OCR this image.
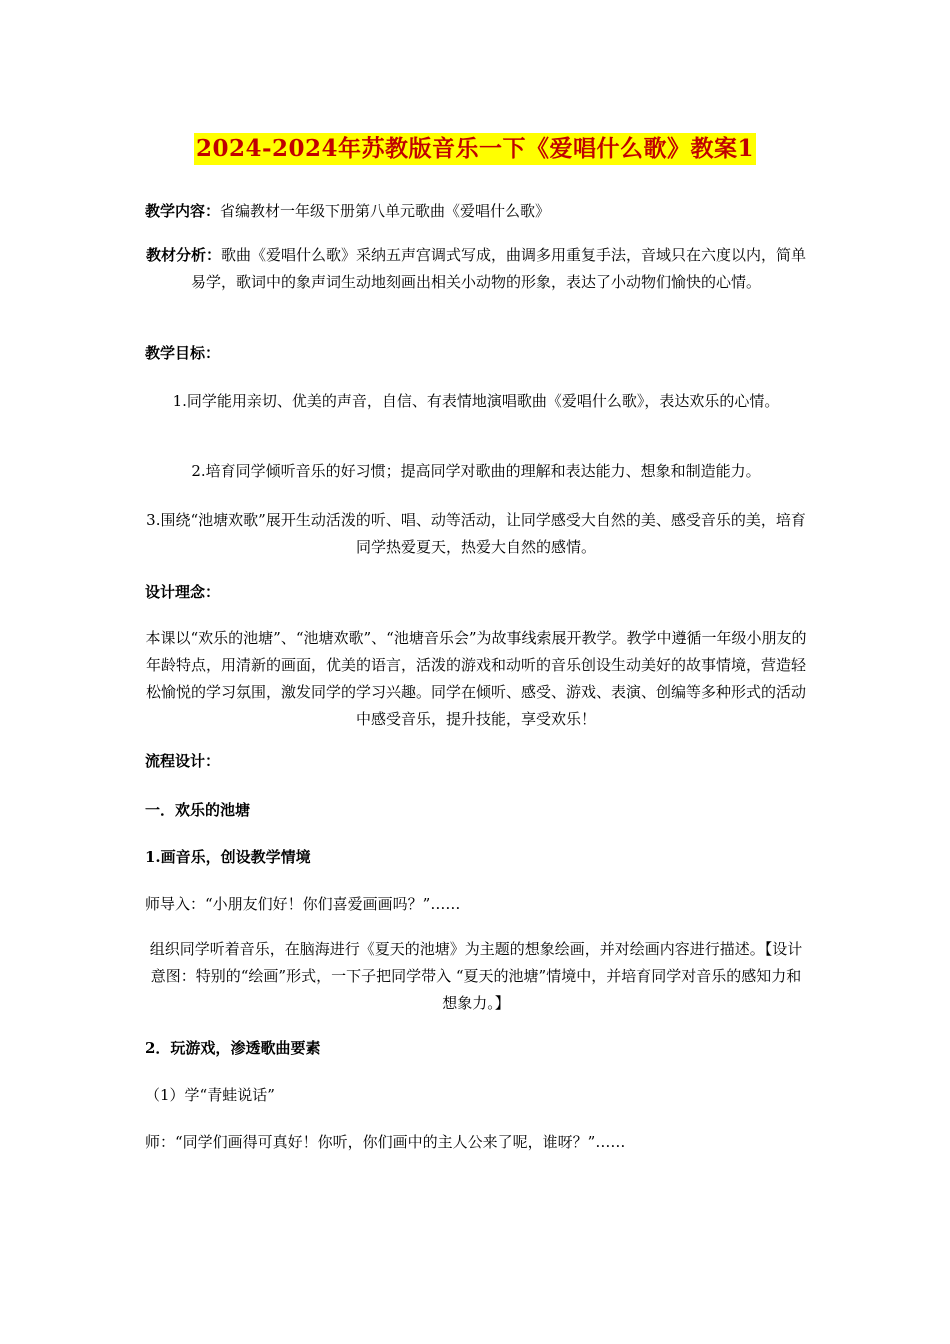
2024-2024年苏教版音乐一下《爱唱什么歌》教案1
教学内容：省编教材一年级下册第八单元歌曲《爱唱什么歌》
教材分析：歌曲《爱唱什么歌》采纳五声宫调式写成，曲调多用重复手法，音域只在六度以内，简单易学，歌词中的象声词生动地刻画出相关小动物的形象，表达了小动物们愉快的心情。
教学目标：
1.同学能用亲切、优美的声音，自信、有表情地演唱歌曲《爱唱什么歌》，表达欢乐的心情。
2.培育同学倾听音乐的好习惯；提高同学对歌曲的理解和表达能力、想象和制造能力。
3.围绕“池塘欢歌”展开生动活泼的听、唱、动等活动，让同学感受大自然的美、感受音乐的美，培育同学热爱夏天，热爱大自然的感情。
设计理念：
本课以“欢乐的池塘”、“池塘欢歌”、“池塘音乐会”为故事线索展开教学。教学中遵循一年级小朋友的年龄特点，用清新的画面，优美的语言，活泼的游戏和动听的音乐创设生动美好的故事情境，营造轻松愉悦的学习氛围，激发同学的学习兴趣。同学在倾听、感受、游戏、表演、创编等多种形式的活动中感受音乐，提升技能，享受欢乐！
流程设计：
一．欢乐的池塘
1.画音乐，创设教学情境
师导入：“小朋友们好！你们喜爱画画吗？”……
组织同学听着音乐，在脑海进行《夏天的池塘》为主题的想象绘画，并对绘画内容进行描述。【设计意图：特别的“绘画”形式，一下子把同学带入 “夏天的池塘”情境中，并培育同学对音乐的感知力和想象力。】
2．玩游戏，渗透歌曲要素
（1）学“青蛙说话”
师：“同学们画得可真好！你听，你们画中的主人公来了呢，谁呀？”……
